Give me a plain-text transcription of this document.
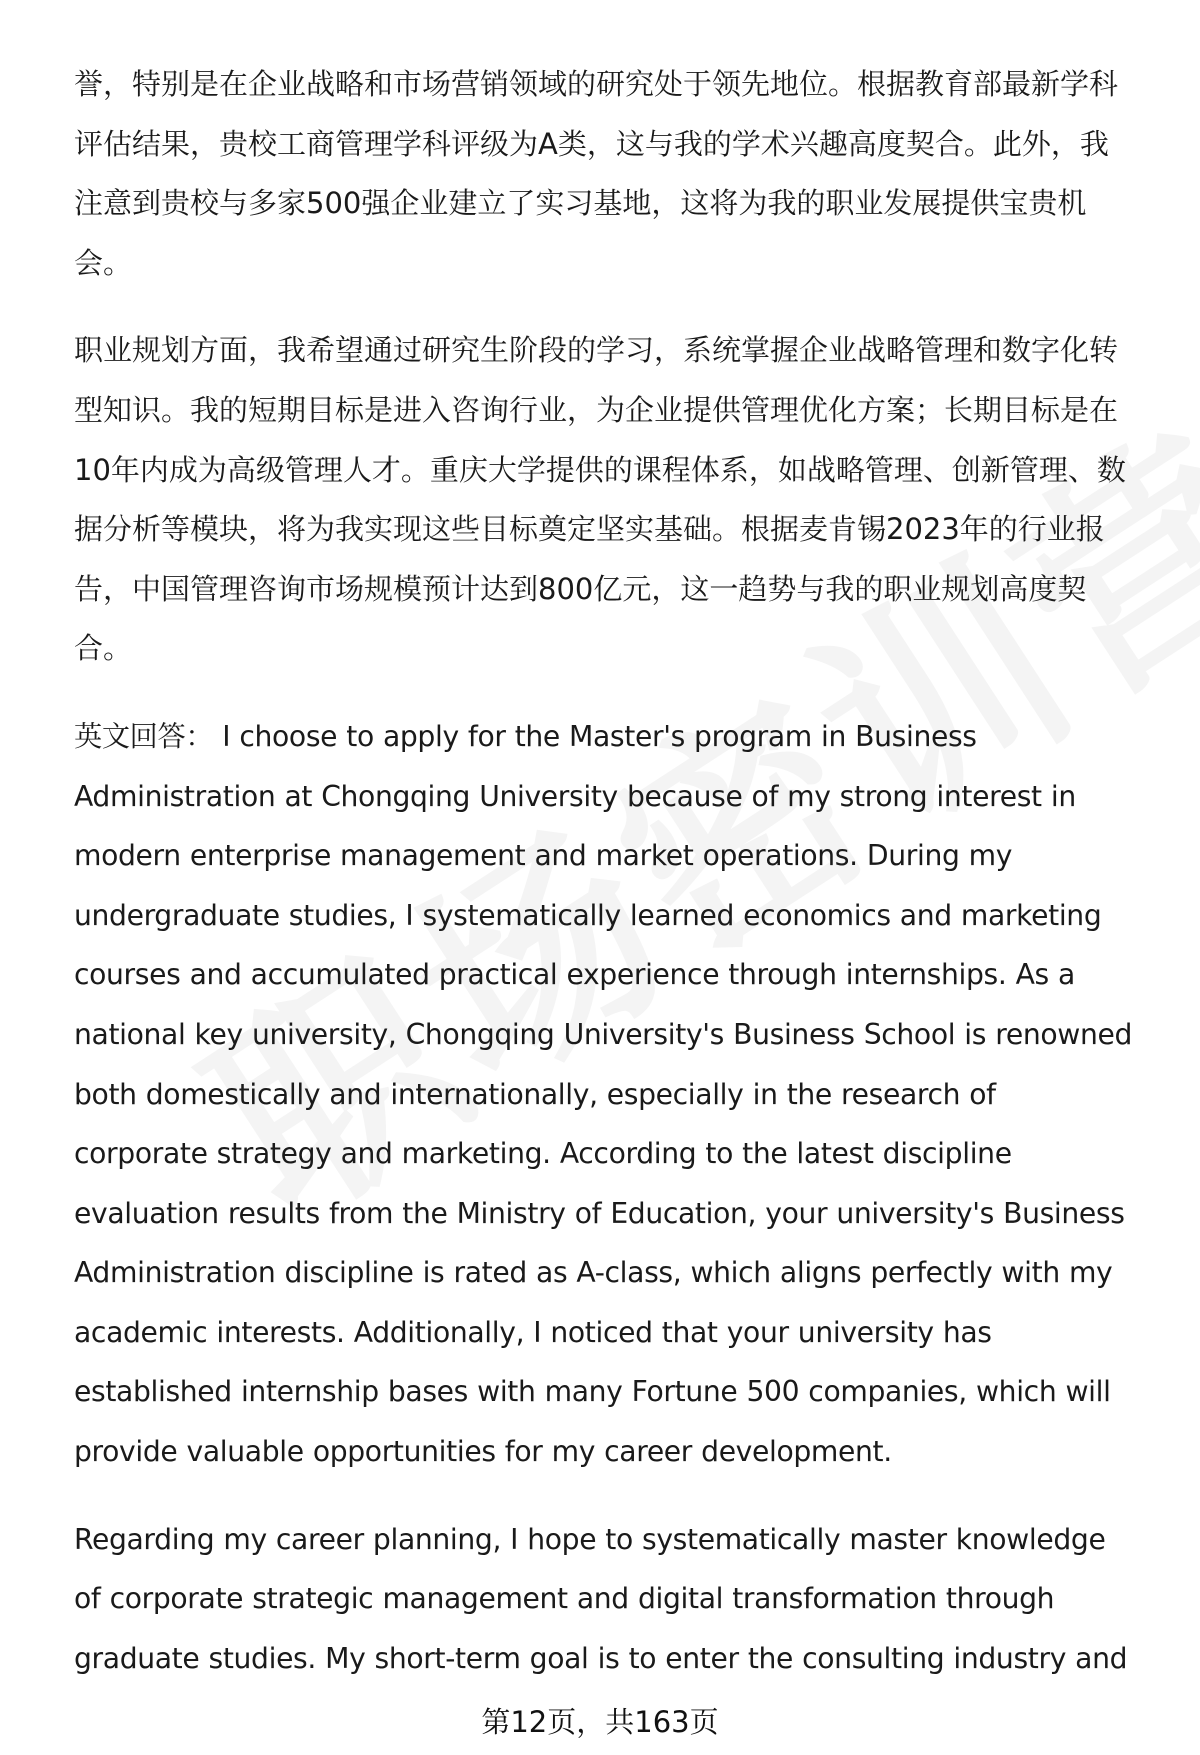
誉，特别是在企业战略和市场营销领域的研究处于领先地位。根据教育部最新学科
评估结果，贵校工商管理学科评级为A类，这与我的学术兴趣高度契合。此外，我
注意到贵校与多家500强企业建立了实习基地，这将为我的职业发展提供宝贵机
会。

职业规划方面，我希望通过研究生阶段的学习，系统掌握企业战略管理和数字化转
型知识。我的短期目标是进入咨询行业，为企业提供管理优化方案；长期目标是在
10年内成为高级管理人才。重庆大学提供的课程体系，如战略管理、创新管理、数
据分析等模块，将为我实现这些目标奠定坚实基础。根据麦肯锡2023年的行业报
告，中国管理咨询市场规模预计达到800亿元，这一趋势与我的职业规划高度契
合。

英文回答： I choose to apply for the Master's program in Business
Administration at Chongqing University because of my strong interest in
modern enterprise management and market operations. During my
undergraduate studies, I systematically learned economics and marketing
courses and accumulated practical experience through internships. As a
national key university, Chongqing University's Business School is renowned
both domestically and internationally, especially in the research of
corporate strategy and marketing. According to the latest discipline
evaluation results from the Ministry of Education, your university's Business
Administration discipline is rated as A-class, which aligns perfectly with my
academic interests. Additionally, I noticed that your university has
established internship bases with many Fortune 500 companies, which will
provide valuable opportunities for my career development.

Regarding my career planning, I hope to systematically master knowledge
of corporate strategic management and digital transformation through
graduate studies. My short-term goal is to enter the consulting industry and

第12页，共163页
